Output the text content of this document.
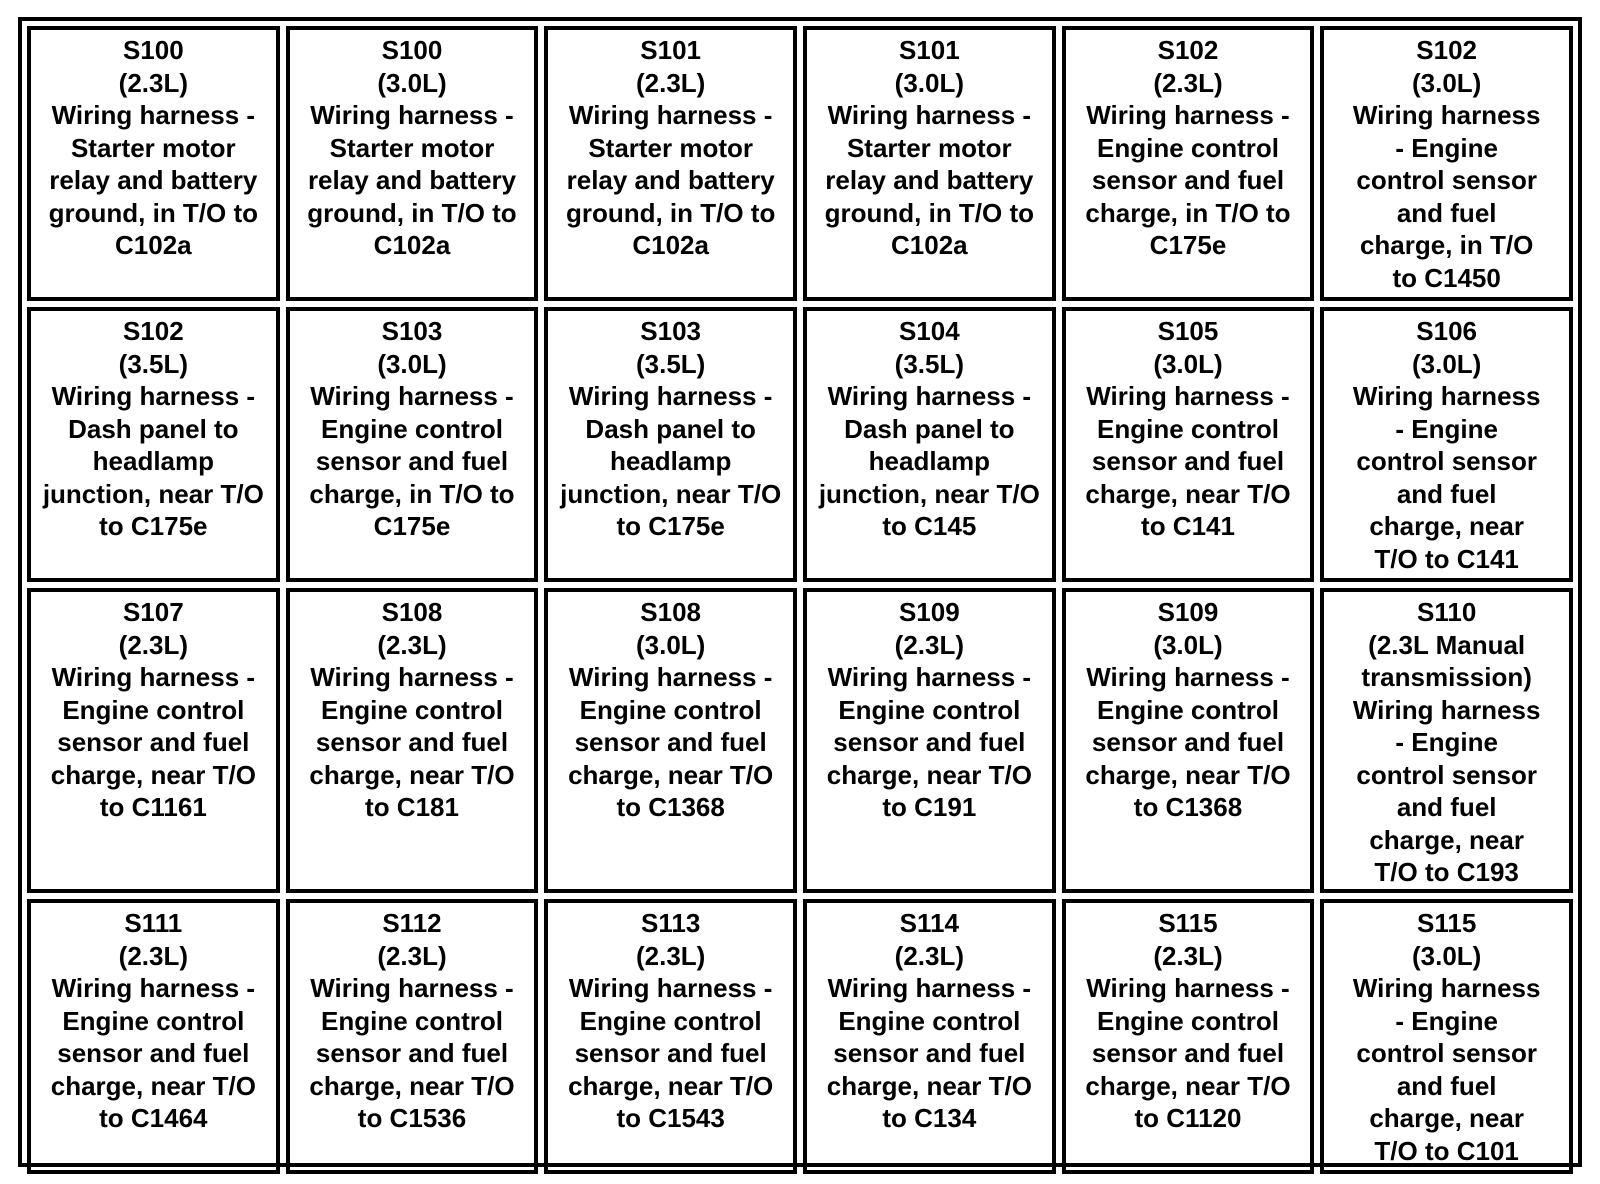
S100
(2.3L)
Wiring harness -
Starter motor
relay and battery
ground, in T/O to
C102a
S100
(3.0L)
Wiring harness -
Starter motor
relay and battery
ground, in T/O to
C102a
S101
(2.3L)
Wiring harness -
Starter motor
relay and battery
ground, in T/O to
C102a
S101
(3.0L)
Wiring harness -
Starter motor
relay and battery
ground, in T/O to
C102a
S102
(2.3L)
Wiring harness -
Engine control
sensor and fuel
charge, in T/O to
C175e
S102
(3.0L)
Wiring harness
- Engine
control sensor
and fuel
charge, in T/O
to C1450
S102
(3.5L)
Wiring harness -
Dash panel to
headlamp
junction, near T/O
to C175e
S103
(3.0L)
Wiring harness -
Engine control
sensor and fuel
charge, in T/O to
C175e
S103
(3.5L)
Wiring harness -
Dash panel to
headlamp
junction, near T/O
to C175e
S104
(3.5L)
Wiring harness -
Dash panel to
headlamp
junction, near T/O
to C145
S105
(3.0L)
Wiring harness -
Engine control
sensor and fuel
charge, near T/O
to C141
S106
(3.0L)
Wiring harness
- Engine
control sensor
and fuel
charge, near
T/O to C141
S107
(2.3L)
Wiring harness -
Engine control
sensor and fuel
charge, near T/O
to C1161
S108
(2.3L)
Wiring harness -
Engine control
sensor and fuel
charge, near T/O
to C181
S108
(3.0L)
Wiring harness -
Engine control
sensor and fuel
charge, near T/O
to C1368
S109
(2.3L)
Wiring harness -
Engine control
sensor and fuel
charge, near T/O
to C191
S109
(3.0L)
Wiring harness -
Engine control
sensor and fuel
charge, near T/O
to C1368
S110
(2.3L Manual
transmission)
Wiring harness
- Engine
control sensor
and fuel
charge, near
T/O to C193
S111
(2.3L)
Wiring harness -
Engine control
sensor and fuel
charge, near T/O
to C1464
S112
(2.3L)
Wiring harness -
Engine control
sensor and fuel
charge, near T/O
to C1536
S113
(2.3L)
Wiring harness -
Engine control
sensor and fuel
charge, near T/O
to C1543
S114
(2.3L)
Wiring harness -
Engine control
sensor and fuel
charge, near T/O
to C134
S115
(2.3L)
Wiring harness -
Engine control
sensor and fuel
charge, near T/O
to C1120
S115
(3.0L)
Wiring harness
- Engine
control sensor
and fuel
charge, near
T/O to C101
